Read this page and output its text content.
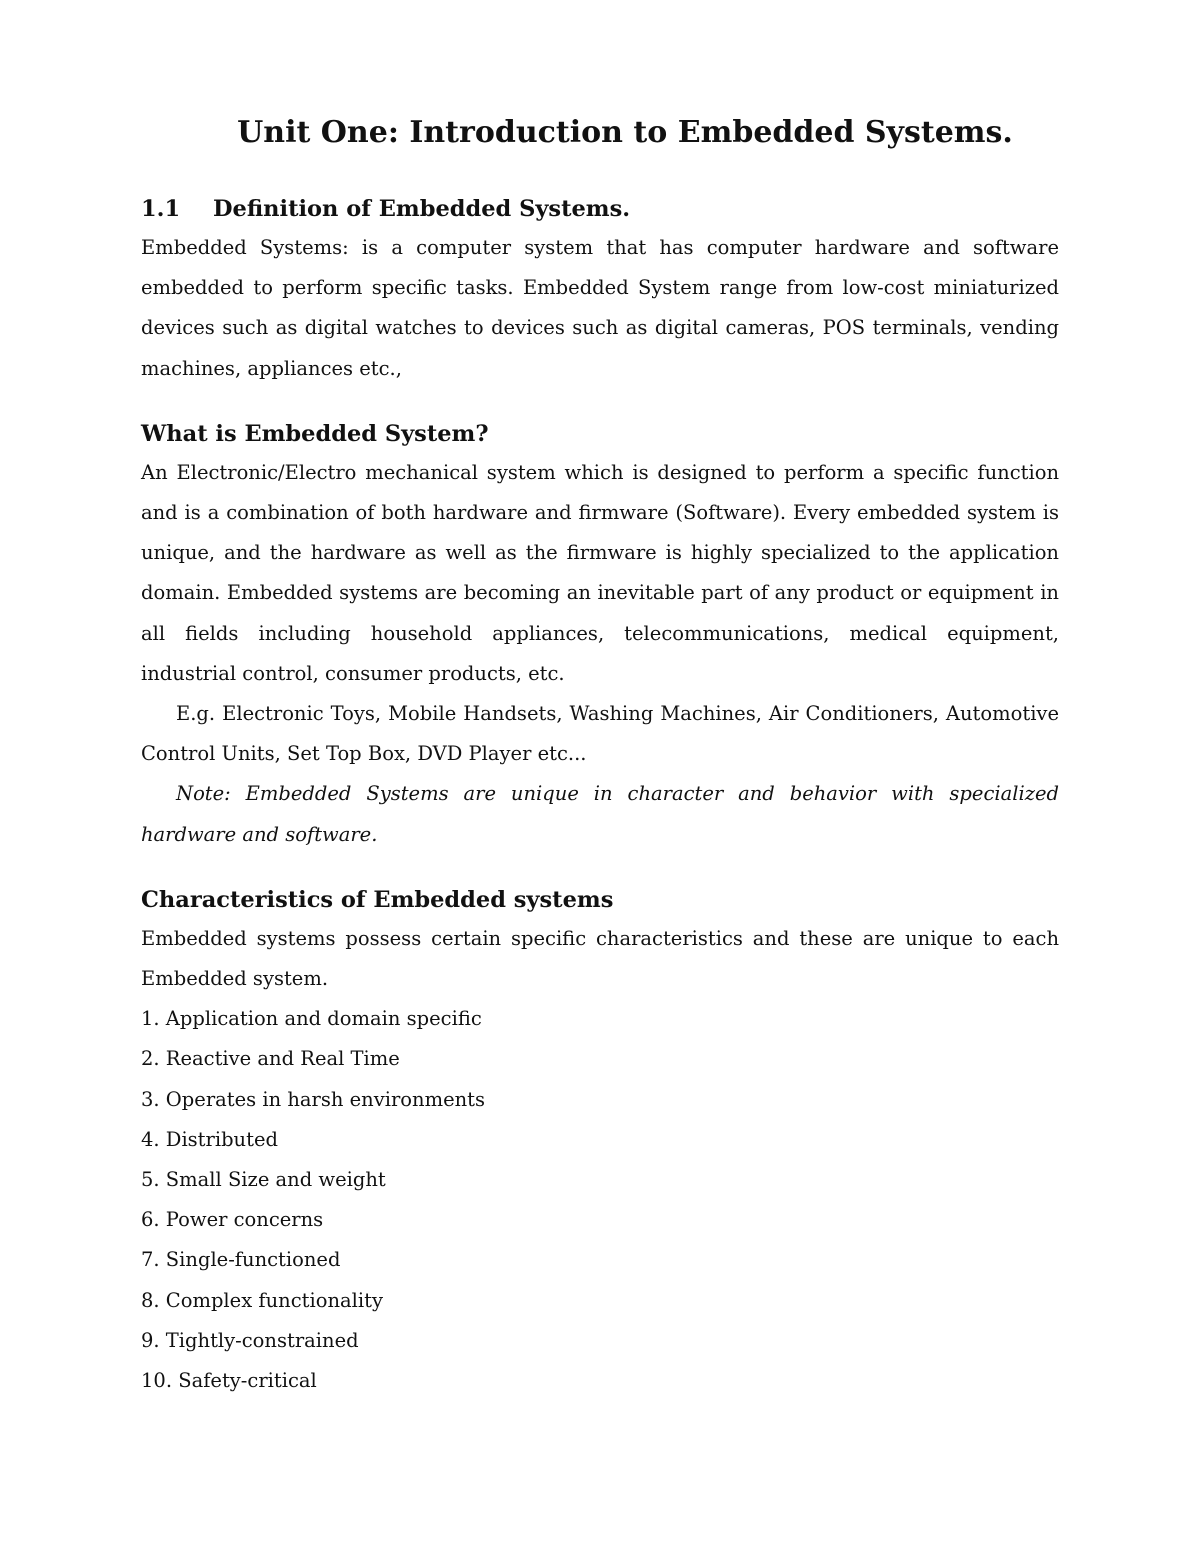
Unit One: Introduction to Embedded Systems.
1.1 Definition of Embedded Systems.

Embedded Systems: is a computer system that has computer hardware and software embedded to perform specific tasks. Embedded System range from low-cost miniaturized devices such as digital watches to devices such as digital cameras, POS terminals, vending machines, appliances etc.,

What is Embedded System?

An Electronic/Electro mechanical system which is designed to perform a specific function and is a combination of both hardware and firmware (Software). Every embedded system is unique, and the hardware as well as the firmware is highly specialized to the application domain. Embedded systems are becoming an inevitable part of any product or equipment in all fields including household appliances, telecommunications, medical equipment, industrial control, consumer products, etc.

E.g. Electronic Toys, Mobile Handsets, Washing Machines, Air Conditioners, Automotive Control Units, Set Top Box, DVD Player etc...

Note: Embedded Systems are unique in character and behavior with specialized hardware and software.

Characteristics of Embedded systems

Embedded systems possess certain specific characteristics and these are unique to each Embedded system.

1. Application and domain specific
2. Reactive and Real Time
3. Operates in harsh environments
4. Distributed
5. Small Size and weight
6. Power concerns
7. Single-functioned
8. Complex functionality
9. Tightly-constrained
10. Safety-critical
